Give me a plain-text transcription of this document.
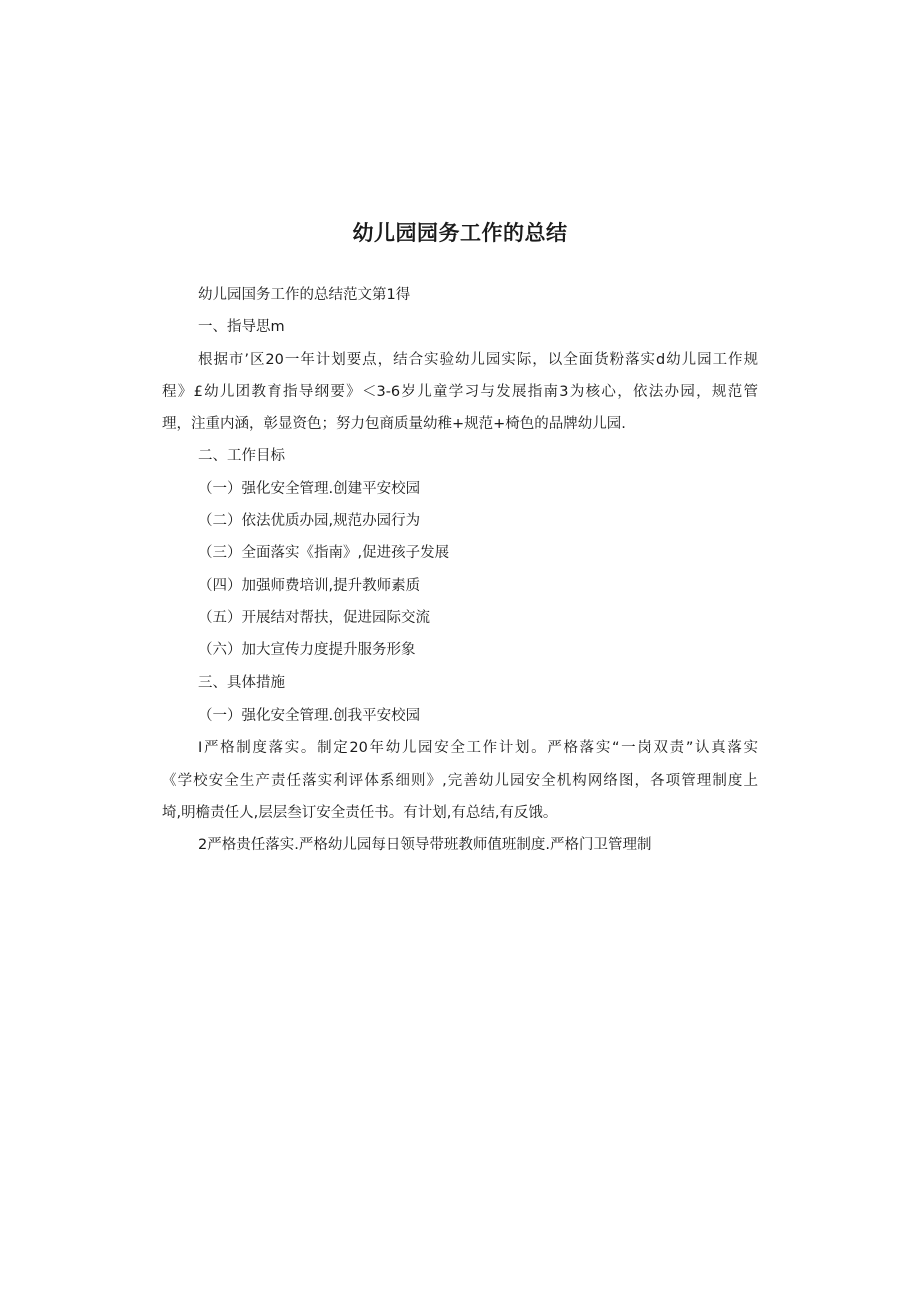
幼儿园园务工作的总结

幼儿园国务工作的总结范文第1得

一、指导思m

根据市’区20一年计划要点，结合实验幼儿园实际，以全面货粉落实d幼儿园工作规

程》£幼儿团教育指导纲要》＜3-6岁儿童学习与发展指南3为核心，依法办园，规范管

理，注重内涵，彰显资色；努力包商质量幼稚+规范+椅色的品牌幼儿园.

二、工作目标

（一）强化安全管理.创建平安校园

（二）依法优质办园,规范办园行为

（三）全面落实《指南》,促进孩子发展

（四）加强师费培训,提升教师素质

（五）开展结对帮扶，促进园际交流

（六）加大宣传力度提升服务形象

三、具体措施

（一）强化安全管理.创我平安校园

I严格制度落实。制定20年幼儿园安全工作计划。严格落实“一岗双责”认真落实

《学校安全生产责任落实利评体系细则》,完善幼儿园安全机构网络图，各项管理制度上

埼,明檐责任人,层层叁订安全责任书。有计划,有总结,有反饿。

2严格贵任落实.严格幼儿园每日领导带班教师值班制度.严格门卫管理制
